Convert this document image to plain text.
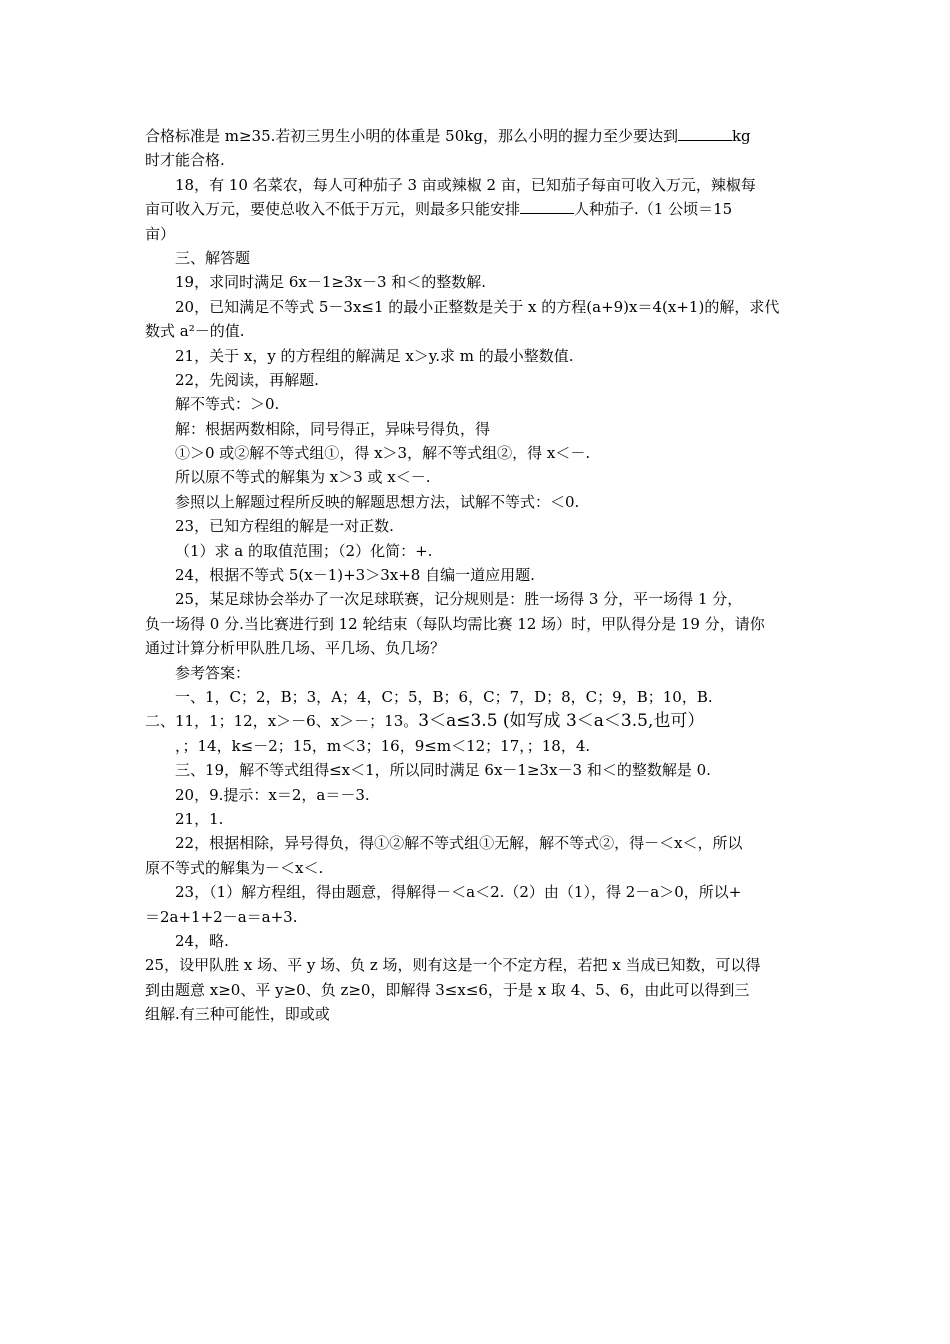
合格标准是 m≥35.若初三男生小明的体重是 50kg，那么小明的握力至少要达到	kg
时才能合格.
18，有 10 名菜农，每人可种茄子 3 亩或辣椒 2 亩，已知茄子每亩可收入万元，辣椒每
亩可收入万元，要使总收入不低于万元，则最多只能安排	人种茄子.（1 公顷＝15
亩）
三、解答题
19，求同时满足 6x－1≥3x－3 和＜的整数解.
20，已知满足不等式 5－3x≤1 的最小正整数是关于 x 的方程(a+9)x＝4(x+1)的解，求代
数式 a²－的值.
21，关于 x，y 的方程组的解满足 x＞y.求 m 的最小整数值.
22，先阅读，再解题.
解不等式：＞0.
解：根据两数相除，同号得正，异味号得负，得
①＞0 或②解不等式组①，得 x＞3，解不等式组②，得 x＜－.
所以原不等式的解集为 x＞3 或 x＜－.
参照以上解题过程所反映的解题思想方法，试解不等式：＜0.
23，已知方程组的解是一对正数.
（1）求 a 的取值范围；（2）化简：+.
24，根据不等式 5(x－1)+3＞3x+8 自编一道应用题.
25，某足球协会举办了一次足球联赛，记分规则是：胜一场得 3 分，平一场得 1 分，
负一场得 0 分.当比赛进行到 12 轮结束（每队均需比赛 12 场）时，甲队得分是 19 分，请你
通过计算分析甲队胜几场、平几场、负几场？
参考答案：
一、1，C；2，B；3，A；4，C；5，B；6，C；7，D；8，C；9，B；10，B.
二、11，1；12，x＞－6、x＞－；13。3＜a≤3.5 (如写成 3＜a＜3.5,也可）
，；14，k≤－2；15，m＜3；16，9≤m＜12；17，；18，4.
三、19，解不等式组得≤x＜1，所以同时满足 6x－1≥3x－3 和＜的整数解是 0.
20，9.提示：x＝2，a＝－3.
21，1.
22，根据相除，异号得负，得①②解不等式组①无解，解不等式②，得－＜x＜，所以
原不等式的解集为－＜x＜.
23，（1）解方程组，得由题意，得解得－＜a＜2.（2）由（1），得 2－a＞0，所以+
＝2a+1+2－a＝a+3.
24，略.
25，设甲队胜 x 场、平 y 场、负 z 场，则有这是一个不定方程，若把 x 当成已知数，可以得
到由题意 x≥0、平 y≥0、负 z≥0，即解得 3≤x≤6，于是 x 取 4、5、6，由此可以得到三
组解.有三种可能性，即或或
